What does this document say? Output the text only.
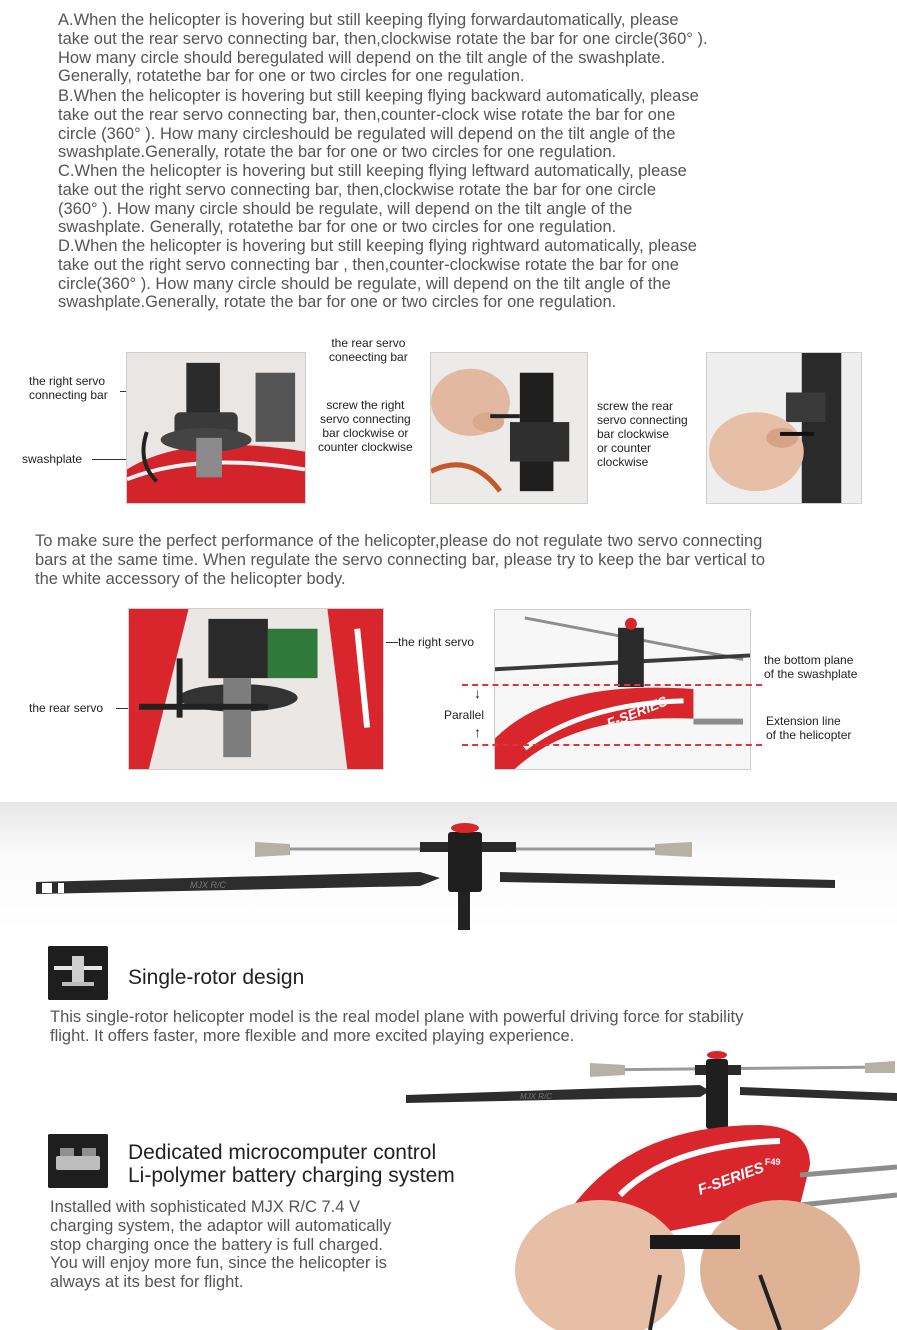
A.When the helicopter is hovering but still keeping flying forwardautomatically, please
take out the rear servo connecting bar, then,clockwise rotate the bar for one circle(360° ).
How many circle should beregulated will depend on the tilt angle of the swashplate.
Generally, rotatethe bar for one or two circles for one regulation.
B.When the helicopter is hovering but still keeping flying backward automatically, please
take out the rear servo connecting bar, then,counter-clock wise rotate the bar for one
circle (360° ). How many circleshould be regulated will depend on the tilt angle of the
swashplate.Generally, rotate the bar for one or two circles for one regulation.
C.When the helicopter is hovering but still keeping flying leftward automatically, please
take out the right servo connecting bar, then,clockwise rotate the bar for one circle
(360° ). How many circle should be regulate, will depend on the tilt angle of the
swashplate. Generally, rotatethe bar for one or two circles for one regulation.
D.When the helicopter is hovering but still keeping flying rightward automatically, please
take out the right servo connecting bar , then,counter-clockwise rotate the bar for one
circle(360° ). How many circle should be regulate, will depend on the tilt angle of the
swashplate.Generally, rotate the bar for one or two circles for one regulation.
the right servo
connecting bar
swashplate
the rear servo
coneecting bar
screw the right
servo connecting
bar clockwise or
counter clockwise
screw the rear
servo connecting
bar clockwise
or counter
clockwise
To make sure the perfect performance of the helicopter,please do not regulate two servo connecting
bars at the same time. When regulate the servo connecting bar, please try to keep the bar vertical to
the white accessory of the helicopter body.
the rear servo
the right servo
Parallel
↓
↑
F-SERIES
the bottom plane
of the swashplate
Extension line
of the helicopter
MJX R/C
Single-rotor design
This single-rotor helicopter model is the real model plane with powerful driving force for stability
flight. It offers faster, more flexible and more excited playing experience.
MJX R/C
F-SERIES
F49
Dedicated microcomputer control
Li-polymer battery charging system
Installed with sophisticated MJX R/C 7.4 V
charging system, the adaptor will automatically
stop charging once the battery is full charged.
You will enjoy more fun, since the helicopter is
always at its best for flight.
